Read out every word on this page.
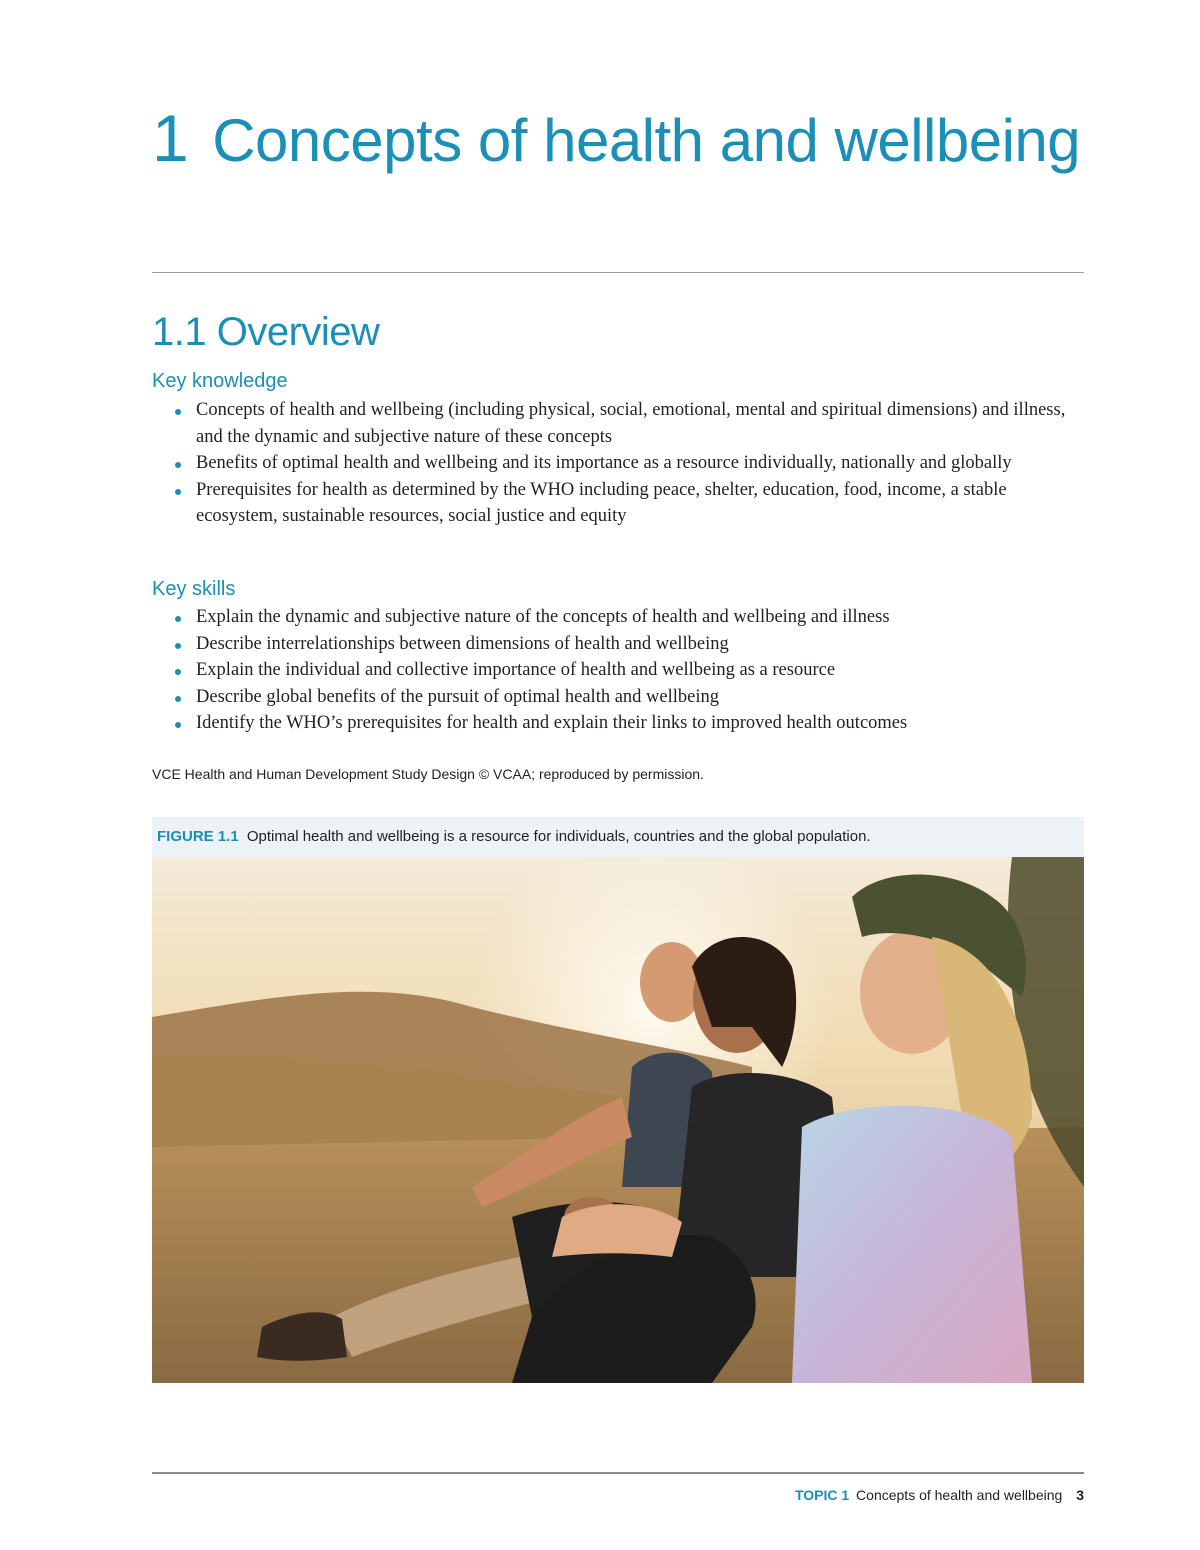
1 Concepts of health and wellbeing
1.1 Overview
Key knowledge
Concepts of health and wellbeing (including physical, social, emotional, mental and spiritual dimensions) and illness, and the dynamic and subjective nature of these concepts
Benefits of optimal health and wellbeing and its importance as a resource individually, nationally and globally
Prerequisites for health as determined by the WHO including peace, shelter, education, food, income, a stable ecosystem, sustainable resources, social justice and equity
Key skills
Explain the dynamic and subjective nature of the concepts of health and wellbeing and illness
Describe interrelationships between dimensions of health and wellbeing
Explain the individual and collective importance of health and wellbeing as a resource
Describe global benefits of the pursuit of optimal health and wellbeing
Identify the WHO’s prerequisites for health and explain their links to improved health outcomes

VCE Health and Human Development Study Design © VCAA; reproduced by permission.

FIGURE 1.1 Optimal health and wellbeing is a resource for individuals, countries and the global population.

TOPIC 1 Concepts of health and wellbeing 3
